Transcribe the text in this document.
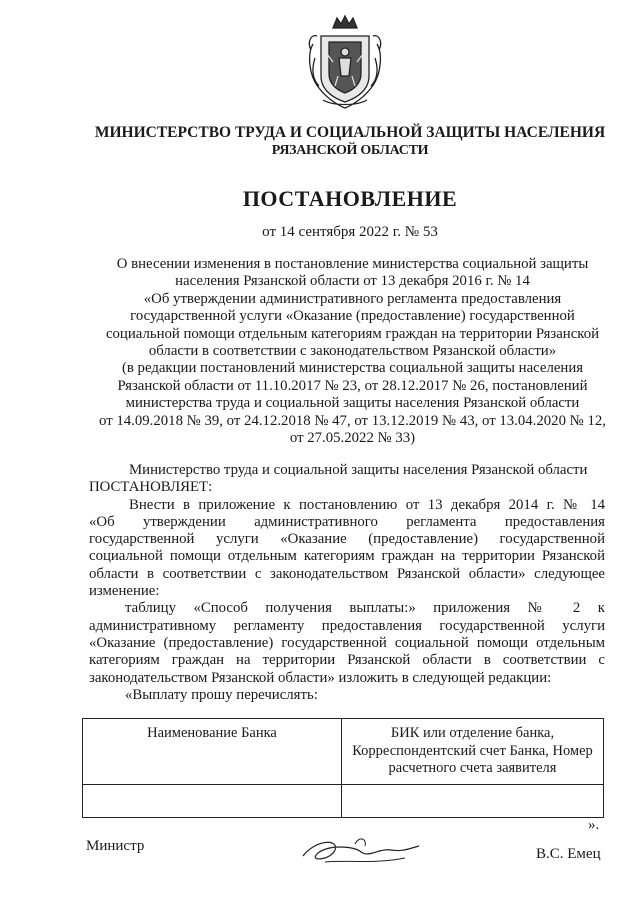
МИНИСТЕРСТВО ТРУДА И СОЦИАЛЬНОЙ ЗАЩИТЫ НАСЕЛЕНИЯ
РЯЗАНСКОЙ ОБЛАСТИ
ПОСТАНОВЛЕНИЕ
от 14 сентября 2022 г. № 53
О внесении изменения в постановление министерства социальной защиты
населения Рязанской области от 13 декабря 2016 г. № 14
«Об утверждении административного регламента предоставления
государственной услуги «Оказание (предоставление) государственной
социальной помощи отдельным категориям граждан на территории Рязанской
области в соответствии с законодательством Рязанской области»
(в редакции постановлений министерства социальной защиты населения
Рязанской области от 11.10.2017 № 23, от 28.12.2017 № 26, постановлений
министерства труда и социальной защиты населения Рязанской области
от 14.09.2018 № 39, от 24.12.2018 № 47, от 13.12.2019 № 43, от 13.04.2020 № 12,
от 27.05.2022 № 33)
Министерство труда и социальной защиты населения Рязанской области
ПОСТАНОВЛЯЕТ:
Внести в приложение к постановлению от 13 декабря 2014 г. № 14
«Об утверждении административного регламента предоставления
государственной услуги «Оказание (предоставление) государственной
социальной помощи отдельным категориям граждан на территории Рязанской
области в соответствии с законодательством Рязанской области» следующее
изменение:
таблицу «Способ получения выплаты:» приложения № 2 к
административному регламенту предоставления государственной услуги
«Оказание (предоставление) государственной социальной помощи отдельным
категориям граждан на территории Рязанской области в соответствии с
законодательством Рязанской области» изложить в следующей редакции:
«Выплату прошу перечислять:
Наименование Банка	БИК или отделение банка,
Корреспондентский счет Банка, Номер
расчетного счета заявителя

».
Министр	В.С. Емец
